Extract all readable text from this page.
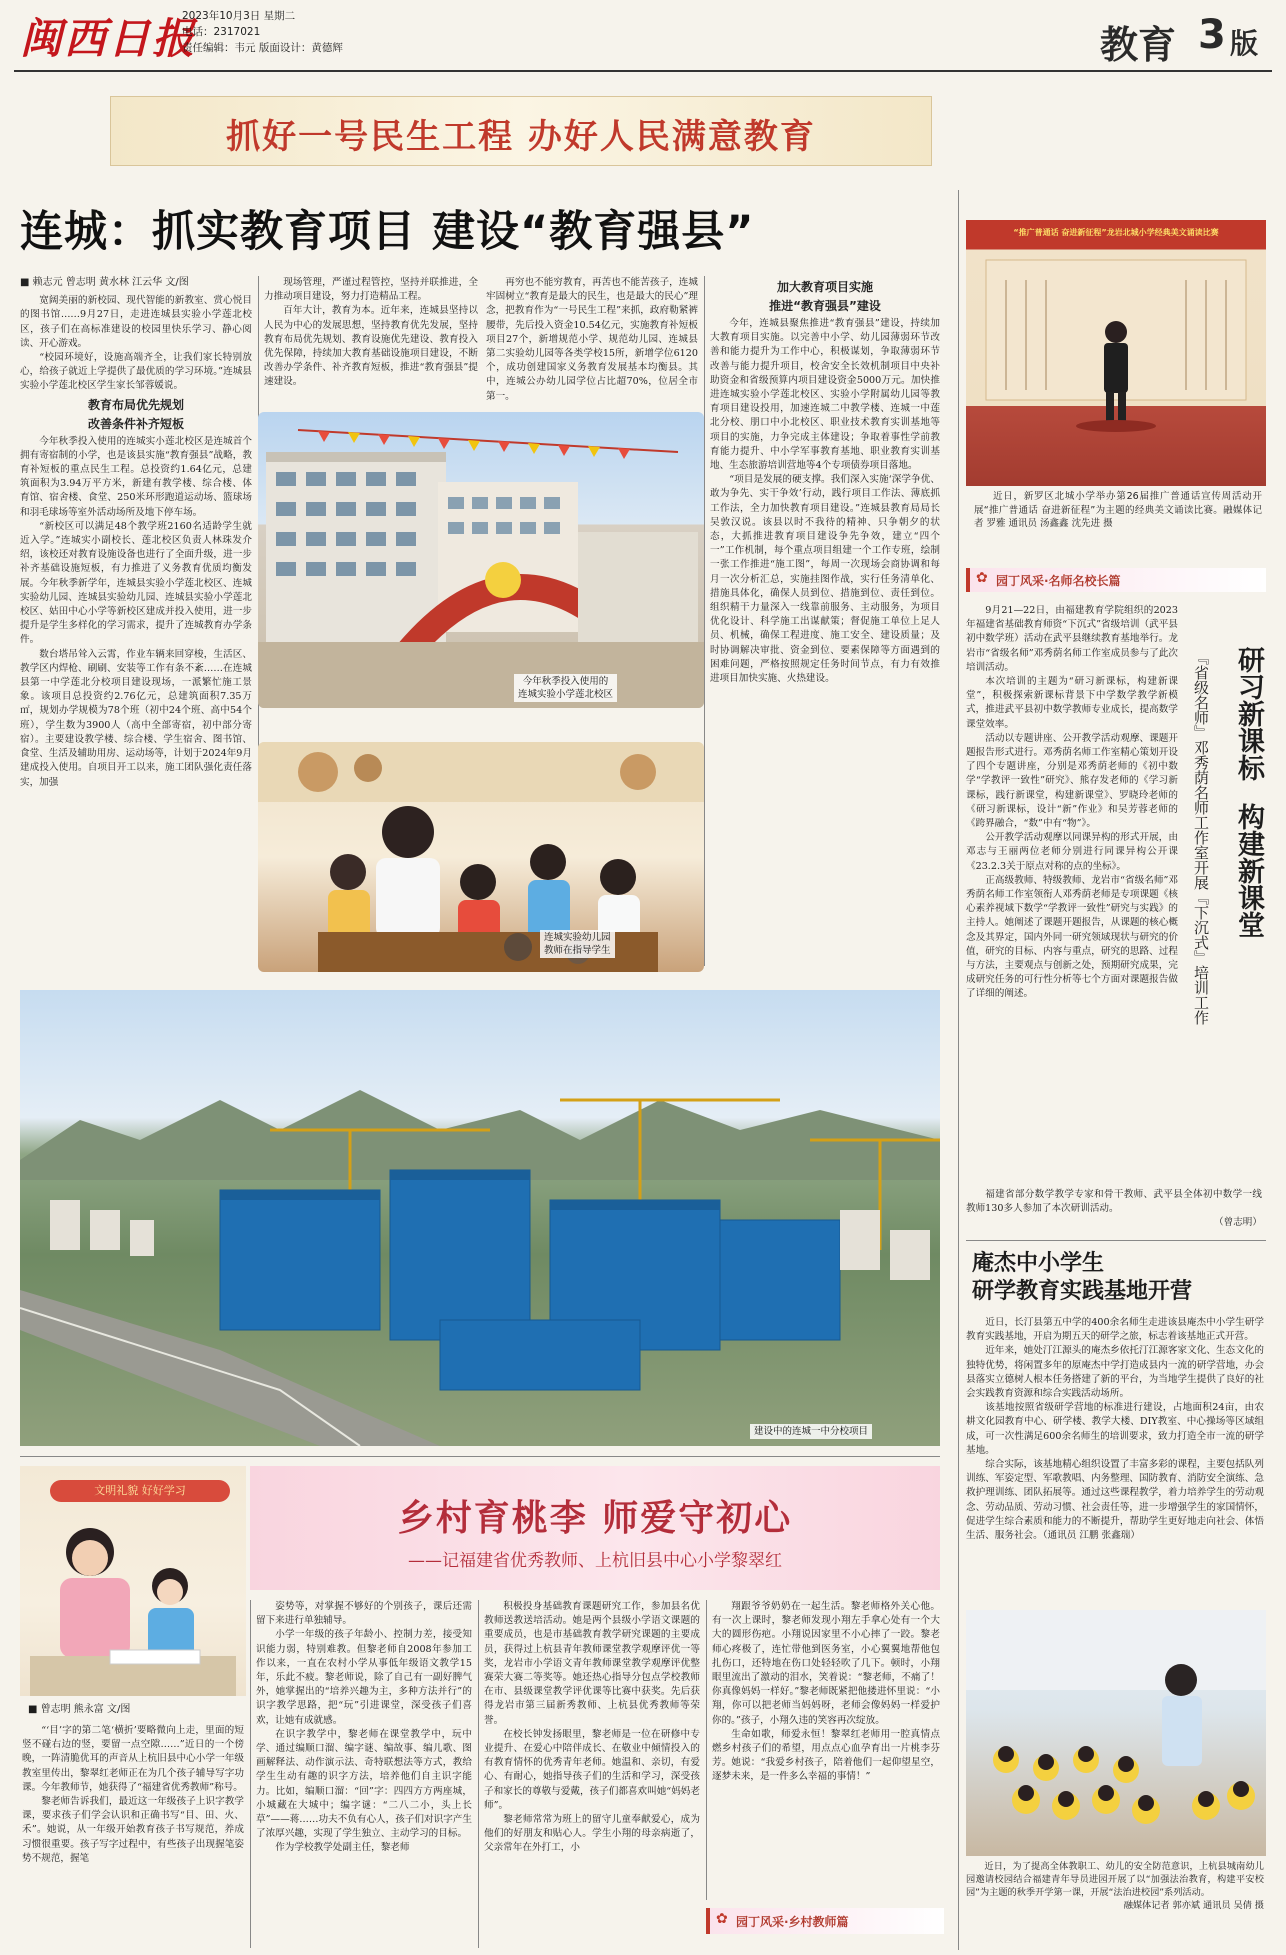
闽西日报
2023年10月3日 星期二
电话：2317021
责任编辑：韦元 版面设计：黄德辉	教育 3 版
抓好一号民生工程 办好人民满意教育
连城：抓实教育项目 建设“教育强县”
■ 赖志元 曾志明 黄水林 江云华 文/图

宽阔美丽的新校园、现代智能的新教室、赏心悦目的图书馆……9月27日，走进连城县实验小学莲北校区，孩子们在高标准建设的校园里快乐学习、静心阅读、开心游戏。

“校园环境好，设施高端齐全，让我们家长特别放心，给孩子就近上学提供了最优质的学习环境。”连城县实验小学莲北校区学生家长邹蓉媛说。

教育布局优先规划
改善条件补齐短板

今年秋季投入使用的连城实小莲北校区是连城首个拥有寄宿制的小学，也是该县实施“教育强县”战略，教育补短板的重点民生工程。总投资约1.64亿元，总建筑面积为3.94万平方米，新建有教学楼、综合楼、体育馆、宿舍楼、食堂、250米环形跑道运动场、篮球场和羽毛球场等室外活动场所及地下停车场。

“新校区可以满足48个教学班2160名适龄学生就近入学。”连城实小副校长、莲北校区负责人林珠发介绍，该校还对教育设施设备也进行了全面升级，进一步补齐基础设施短板，有力推进了义务教育优质均衡发展。今年秋季新学年，连城县实验小学莲北校区、连城实验幼儿园、连城县实验幼儿园、连城县实验小学莲北校区、姑田中心小学等新校区建成并投入使用，进一步提升是学生多样化的学习需求，提升了连城教育办学条件。

数台塔吊耸入云霄，作业车辆来回穿梭，生活区、教学区内焊枪、刷刷、安装等工作有条不紊……在连城县第一中学莲北分校项目建设现场，一派繁忙施工景象。该项目总投资约2.76亿元，总建筑面积7.35万㎡，规划办学规模为78个班（初中24个班、高中54个班），学生数为3900人（高中全部寄宿，初中部分寄宿）。主要建设教学楼、综合楼、学生宿舍、图书馆、食堂、生活及辅助用房、运动场等，计划于2024年9月建成投入使用。自项目开工以来，施工团队强化责任落实，加强

现场管理，严谨过程管控，坚持并联推进，全力推动项目建设，努力打造精品工程。

百年大计，教育为本。近年来，连城县坚持以人民为中心的发展思想，坚持教育优先发展，坚持教育布局优先规划、教育设施优先建设、教育投入优先保障，持续加大教育基础设施项目建设，不断改善办学条件、补齐教育短板，推进“教育强县”提速建设。

再穷也不能穷教育，再苦也不能苦孩子，连城牢固树立“教育是最大的民生，也是最大的民心”理念，把教育作为“一号民生工程”来抓，政府勒紧裤腰带，先后投入资金10.54亿元，实施教育补短板项目27个，新增规范小学、规范幼儿园、连城县第二实验幼儿园等各类学校15所，新增学位6120个，成功创建国家义务教育发展基本均衡县。其中，连城公办幼儿园学位占比超70%，位居全市第一。

加大教育项目实施
推进“教育强县”建设

今年，连城县聚焦推进“教育强县”建设，持续加大教育项目实施。以完善中小学、幼儿园薄弱环节改善和能力提升为工作中心，积极谋划，争取薄弱环节改善与能力提升项目，校舍安全长效机制项目中央补助资金和省级预算内项目建设资金5000万元。加快推进连城实验小学莲北校区、实验小学附属幼儿园等教育项目建设投用，加速连城二中教学楼、连城一中莲北分校、朋口中小北校区、职业技术教育实训基地等项目的实施，力争完成主体建设；争取着事性学前教育能力提升、中小学军事教育基地、职业教育实训基地、生态旅游培训营地等4个专项债券项目落地。

“项目是发展的硬支撑。我们深入实施‘深学争优、敢为争先、实干争效’行动，践行项目工作法、薄底抓工作法，全力加快教育项目建设。”连城县教育局局长吴敦汉说。该县以时不我待的精神、只争朝夕的状态，大抓推进教育项目建设争先争效，建立“四个一”工作机制，每个重点项目组建一个工作专班，绘制一张工作推进“施工图”，每周一次现场会商协调和每月一次分析汇总，实施挂图作战，实行任务清单化、措施具体化，确保人员到位、措施到位、责任到位。组织精干力量深入一线靠前服务、主动服务，为项目优化设计、科学施工出谋献策；督促施工单位上足人员、机械，确保工程进度、施工安全、建设质量；及时协调解决审批、资金到位、要素保障等方面遇到的困难问题，严格按照规定任务时间节点，有力有效推进项目加快实施、火热建设。

今年秋季投入使用的
连城实验小学莲北校区
连城实验幼儿园
教师在指导学生
建设中的连城一中分校项目
“推广普通话 奋进新征程”龙岩北城小学经典美文诵读比赛

近日，新罗区北城小学举办第26届推广普通话宣传周活动开展“推广普通话 奋进新征程”为主题的经典美文诵读比赛。融媒体记者 罗雅 通讯员 汤鑫鑫 沈先进 摄

✿ 园丁风采·名师名校长篇
研习新课标构建新课堂
『省级名师』邓秀荫名师工作室开展『下沉式』培训工作

9月21—22日，由福建教育学院组织的2023年福建省基础教育师资“下沉式”省级培训（武平县初中数学班）活动在武平县继续教育基地举行。龙岩市“省级名师”邓秀荫名师工作室成员参与了此次培训活动。

本次培训的主题为“研习新课标，构建新课堂”，积极探索新课标背景下中学数学教学新模式，推进武平县初中数学教师专业成长，提高数学课堂效率。

活动以专题讲座、公开教学活动观摩、课题开题报告形式进行。邓秀荫名师工作室精心策划开设了四个专题讲座，分别是邓秀荫老师的《初中数学“学教评一致性”研究》、熊存发老师的《学习新课标，践行新课堂，构建新课堂》、罗晓玲老师的《研习新课标，设计“新”作业》和吴芳蓉老师的《跨界融合，“数”中有“物”》。

公开教学活动观摩以同课异构的形式开展，由邓志与王丽两位老师分别进行同课异构公开课《23.2.3关于原点对称的点的坐标》。

正高级教师、特级教师、龙岩市“省级名师”邓秀荫名师工作室领衔人邓秀荫老师是专项课题《核心素养视域下数学“学教评一致性”研究与实践》的主持人。她阐述了课题开题报告，从课题的核心概念及其界定，国内外同一研究领域现状与研究的价值，研究的目标、内容与重点，研究的思路、过程与方法，主要观点与创新之处，预期研究成果，完成研究任务的可行性分析等七个方面对课题报告做了详细的阐述。

福建省部分数学教学专家和骨干教师、武平县全体初中数学一线教师130多人参加了本次研训活动。

（曾志明）
庵杰中小学生
研学教育实践基地开营

近日，长汀县第五中学的400余名师生走进该县庵杰中小学生研学教育实践基地，开启为期五天的研学之旅，标志着该基地正式开营。

近年来，她处汀江源头的庵杰乡依托汀江源客家文化、生态文化的独特优势，将闲置多年的原庵杰中学打造成县内一流的研学营地，办会县落实立德树人根本任务搭建了新的平台，为当地学生提供了良好的社会实践教育资源和综合实践活动场所。

该基地按照省级研学营地的标准进行建设，占地面积24亩，由农耕文化园教育中心、研学楼、教学大楼、DIY教室、中心操场等区域组成，可一次性满足600余名师生的培训要求，致力打造全市一流的研学基地。

综合实际，该基地精心组织设置了丰富多彩的课程，主要包括队列训练、军姿定型、军歌教唱、内务整理、国防教育、消防安全演练、急救护理训练、团队拓展等。通过这些课程教学，着力培养学生的劳动观念、劳动品质、劳动习惯、社会责任等，进一步增强学生的家国情怀，促进学生综合素质和能力的不断提升，帮助学生更好地走向社会、体悟生活、服务社会。（通讯员 江鹏 张鑫瑞）

近日，为了提高全体教职工、幼儿的安全防范意识，上杭县城南幼儿园邀请校园结合福建青年导员进园开展了以“加强法治教育，构建平安校园”为主题的秋季开学第一课，开展“法治进校园”系列活动。

融媒体记者 郭亦斌 通讯员 吴倩 摄
文明礼貌 好好学习
■ 曾志明 熊永富 文/图
乡村育桃李 师爱守初心
——记福建省优秀教师、上杭旧县中心小学黎翠红

“‘目’字的第二笔‘横折’要略微向上走，里面的短竖不碰右边的竖，要留一点空隙……”近日的一个傍晚，一阵清脆优耳的声音从上杭旧县中心小学一年级教室里传出，黎翠红老师正在为几个孩子辅导写字功课。今年教师节，她获得了“福建省优秀教师”称号。

黎老师告诉我们，最近这一年级孩子上识字教学课，要求孩子们学会认识和正确书写“目、田、火、禾”。她说，从一年级开始教育孩子书写规范，养成习惯很重要。孩子写字过程中，有些孩子出现握笔姿势不规范，握笔

姿势等，对掌握不够好的个别孩子，课后还需留下来进行单独辅导。

小学一年级的孩子年龄小、控制力差，接受知识能力弱，特别难教。但黎老师自2008年参加工作以来，一直在农村小学从事低年级语文教学15年，乐此不疲。黎老师说，除了自己有一副好脾气外，她掌握出的“培养兴趣为主，多种方法并行”的识字教学思路，把“玩”引进课堂，深受孩子们喜欢，让她有成就感。

在识字教学中，黎老师在课堂教学中，玩中学、通过编顺口溜、编字谜、编故事、编儿歌、图画解释法、动作演示法、奇特联想法等方式，教给学生生动有趣的识字方法，培养他们自主识字能力。比如，编顺口溜：“回”字：四四方方两座城，小城藏在大城中；编字谜：“二八二小，头上长草”——蒋……功夫不负有心人，孩子们对识字产生了浓厚兴趣，实现了学生独立、主动学习的目标。

作为学校教学处副主任，黎老师

积极投身基础教育课题研究工作，参加县名优教师送教送培活动。她是两个县级小学语文课题的重要成员，也是市基础教育教学研究课题的主要成员，获得过上杭县青年教师课堂教学观摩评优一等奖，龙岩市小学语文青年教师课堂教学观摩评优整赛荣大赛二等奖等。她还热心指导分包点学校教师在市、县级课堂教学评优课等比赛中获奖。先后获得龙岩市第三届新秀教师、上杭县优秀教师等荣誉。

在校长钟发扬眼里，黎老师是一位在研修中专业提升、在爱心中陪伴成长、在敬业中倾情投入的有教育情怀的优秀青年老师。她温和、亲切，有爱心、有耐心，她指导孩子们的生活和学习，深受孩子和家长的尊敬与爱戴，孩子们都喜欢叫她“妈妈老师”。

黎老师常常为班上的留守儿童奉献爱心，成为他们的好朋友和贴心人。学生小翔的母亲病逝了，父亲常年在外打工，小

翔跟爷爷奶奶在一起生活。黎老师格外关心他。有一次上课时，黎老师发现小翔左手拿心处有一个大大的圆形伤疤。小翔说因家里不小心摔了一跤。黎老师心疼极了，连忙带他到医务室，小心翼翼地帮他包扎伤口，还特地在伤口处轻轻吹了几下。顿时，小翔眼里流出了激动的泪水，笑着说：“黎老师，不痛了！你真像妈妈一样好。”黎老师既紧把他搂进怀里说：“小翔，你可以把老师当妈妈呀，老师会像妈妈一样爱护你的。”孩子，小翔久违的笑容再次绽放。

生命如歌，师爱永恒！黎翠红老师用一腔真情点燃乡村孩子们的希望，用点点心血孕育出一片桃李芬芳。她说：“我爱乡村孩子，陪着他们一起仰望星空，逐梦未来，是一件多么幸福的事情！”

✿ 园丁风采·乡村教师篇
